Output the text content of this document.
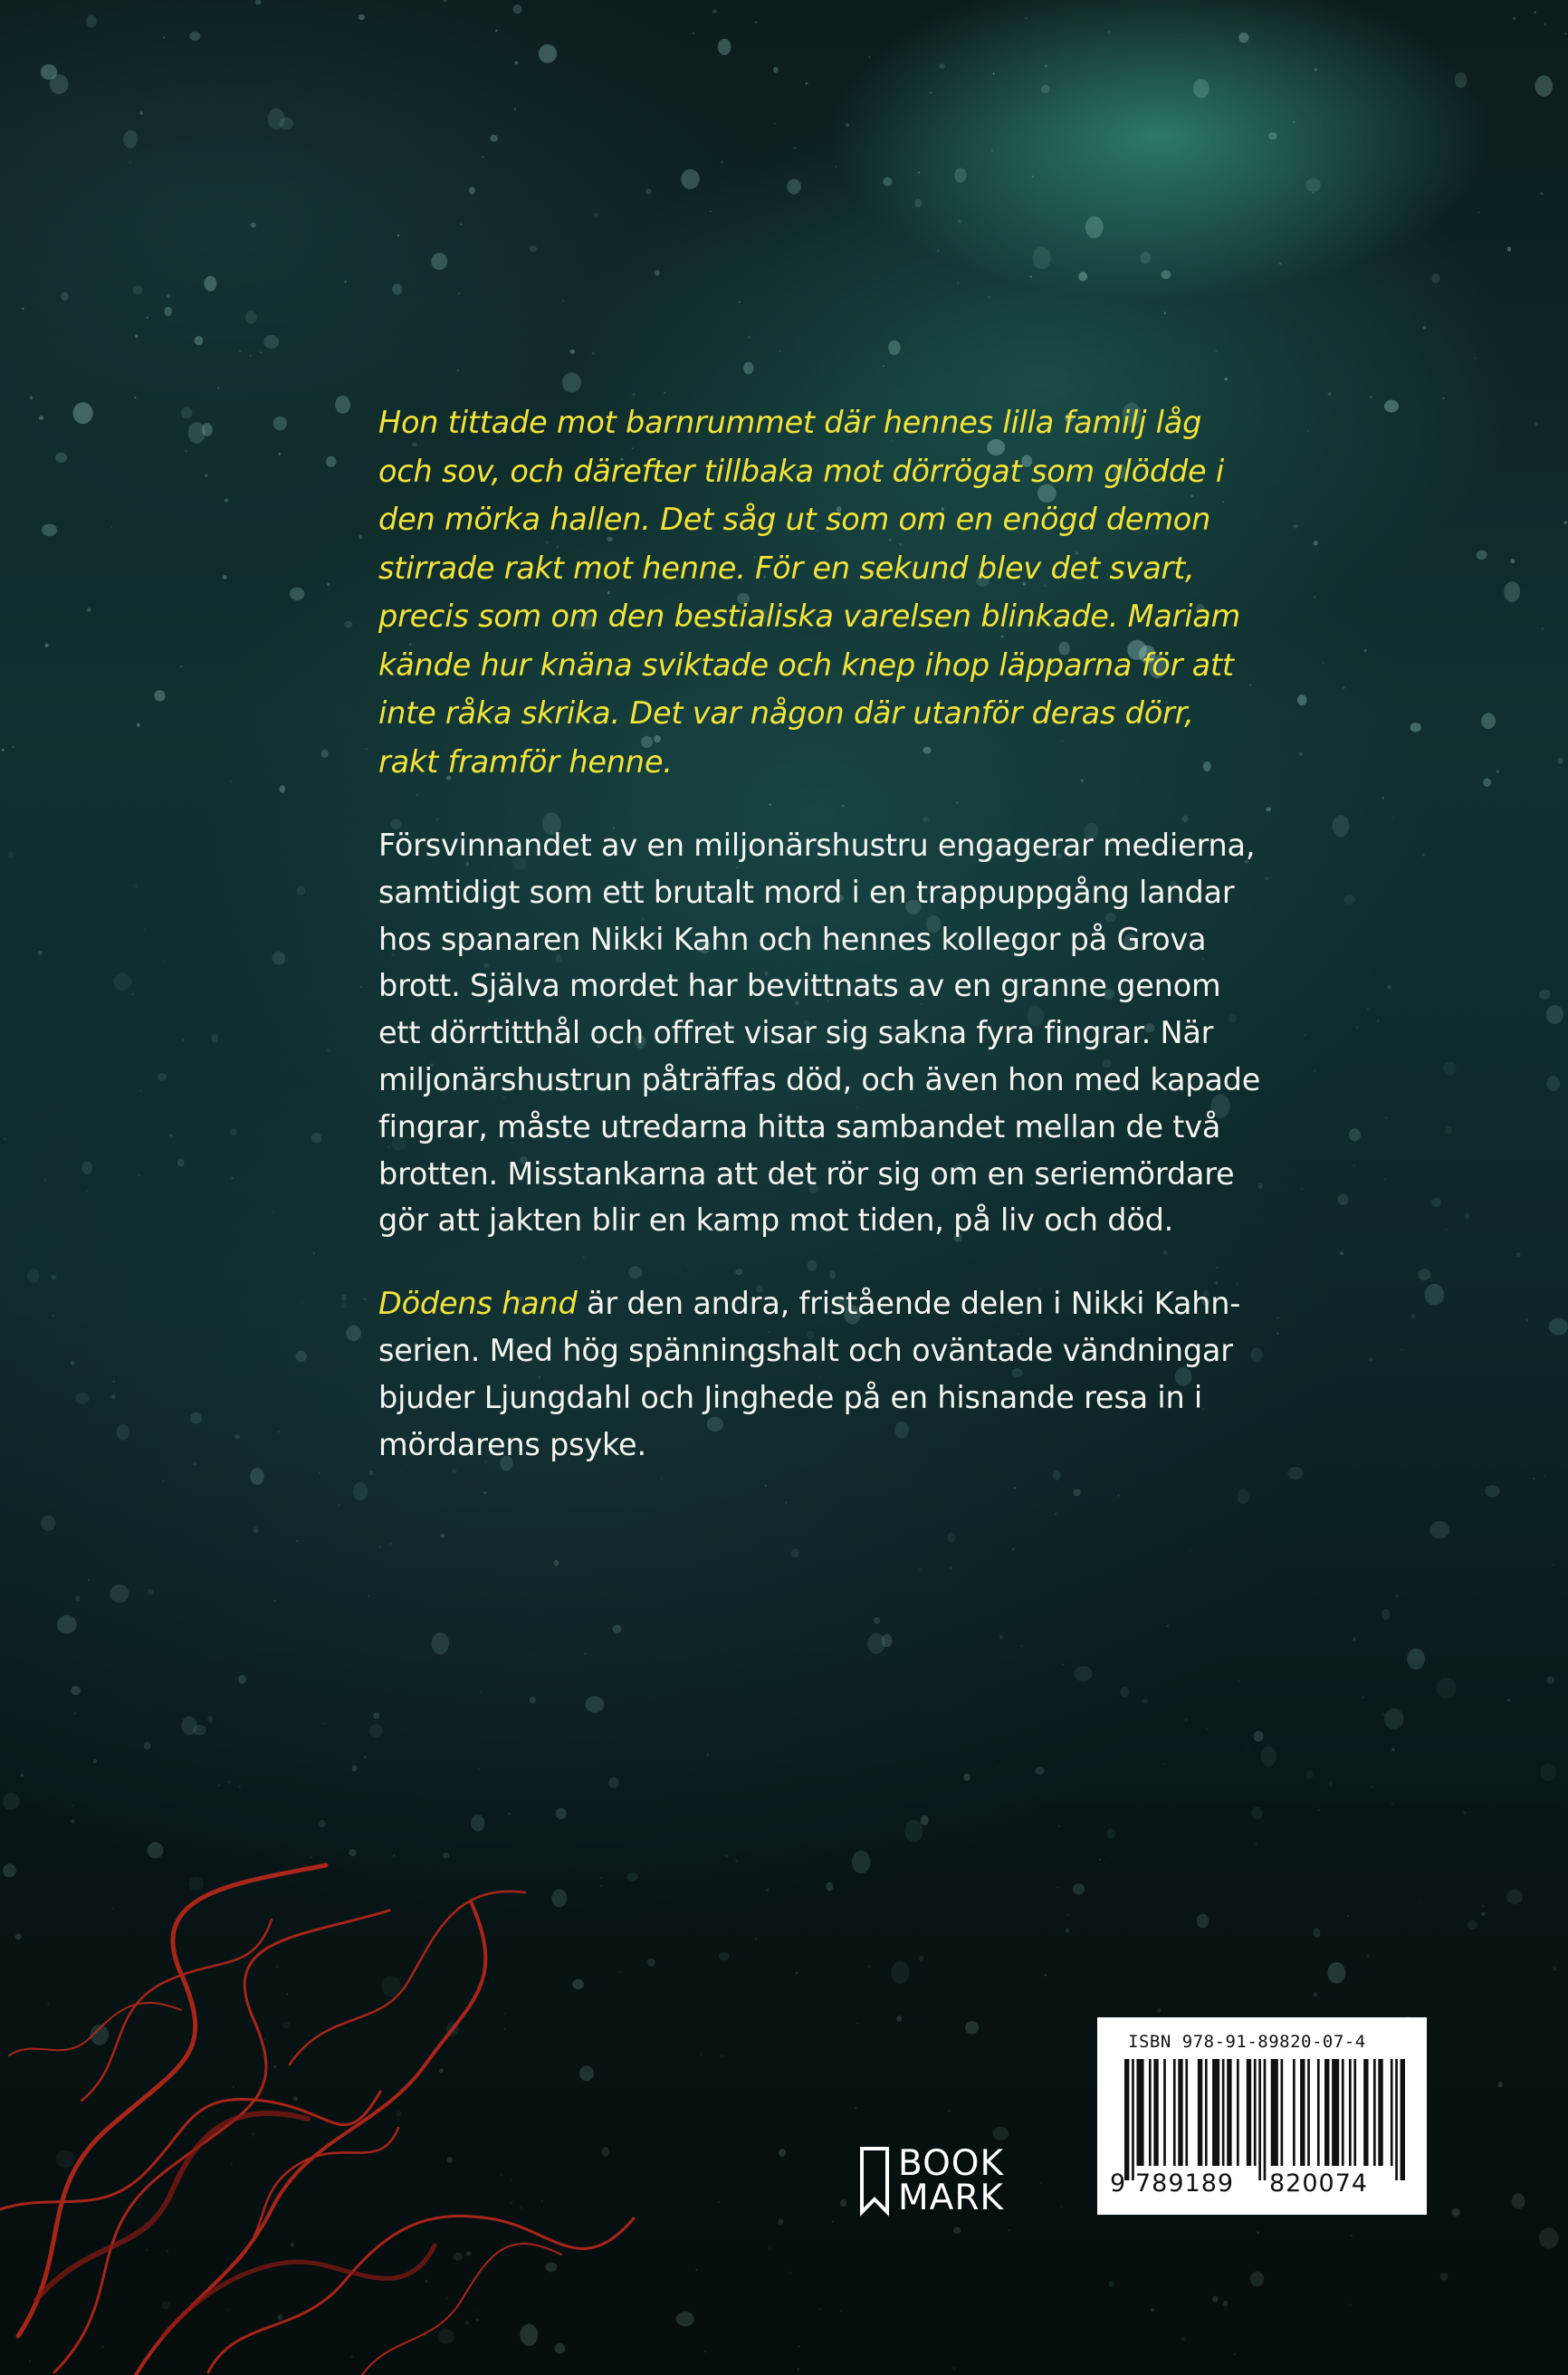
Hon tittade mot barnrummet där hennes lilla familj låg
och sov, och därefter tillbaka mot dörrögat som glödde i
den mörka hallen. Det såg ut som om en enögd demon
stirrade rakt mot henne. För en sekund blev det svart,
precis som om den bestialiska varelsen blinkade. Mariam
kände hur knäna sviktade och knep ihop läpparna för att
inte råka skrika. Det var någon där utanför deras dörr,
rakt framför henne.

Försvinnandet av en miljonärshustru engagerar medierna,
samtidigt som ett brutalt mord i en trappuppgång landar
hos spanaren Nikki Kahn och hennes kollegor på Grova
brott. Själva mordet har bevittnats av en granne genom
ett dörrtitthål och offret visar sig sakna fyra fingrar. När
miljonärshustrun påträffas död, och även hon med kapade
fingrar, måste utredarna hitta sambandet mellan de två
brotten. Misstankarna att det rör sig om en seriemördare
gör att jakten blir en kamp mot tiden, på liv och död.

Dödens hand är den andra, fristående delen i Nikki Kahn-
serien. Med hög spänningshalt och oväntade vändningar
bjuder Ljungdahl och Jinghede på en hisnande resa in i
mördarens psyke.

BOOK
MARK
ISBN 978-91-89820-07-4
9 789189 820074
